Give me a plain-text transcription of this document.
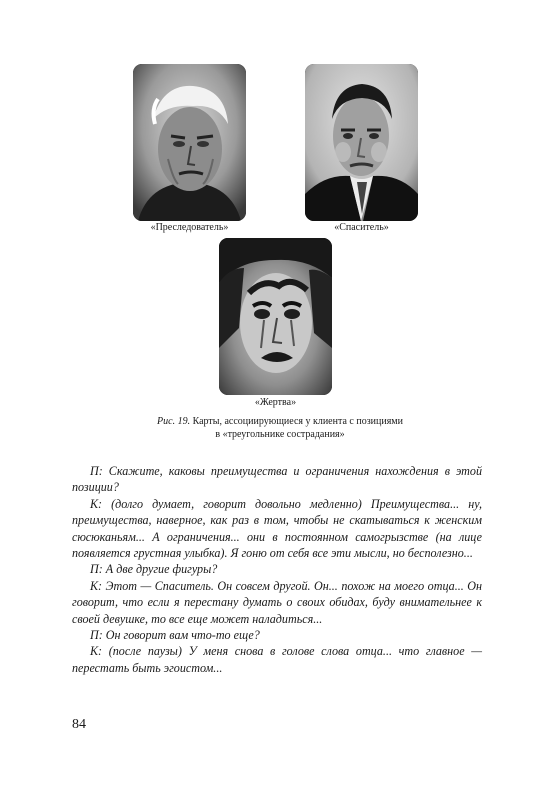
«Преследователь»	«Спаситель»
«Жертва»
Рис. 19. Карты, ассоциирующиеся у клиента с позициями
в «треугольнике сострадания»

П: Скажите, каковы преимущества и ограничения нахождения в этой позиции?

К: (долго думает, говорит довольно медленно) Преимущества... ну, преимущества, наверное, как раз в том, чтобы не скатываться к женским сюсюканьям... А ограничения... они в постоянном самогрызстве (на лице появляется грустная улыбка). Я гоню от себя все эти мысли, но бесполезно...

П: А две другие фигуры?

К: Этот — Спаситель. Он совсем другой. Он... похож на моего отца... Он говорит, что если я перестану думать о своих обидах, буду внимательнее к своей девушке, то все еще может наладиться...

П: Он говорит вам что-то еще?

К: (после паузы) У меня снова в голове слова отца... что главное — перестать быть эгоистом...

84
